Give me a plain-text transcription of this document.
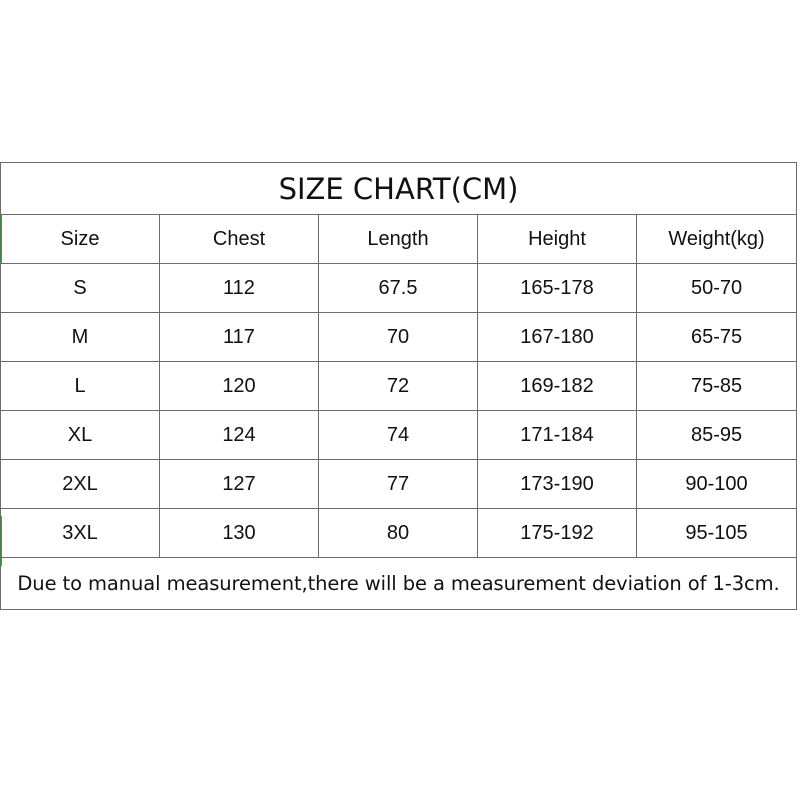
SIZE CHART(CM)				
Size	Chest	Length	Height	Weight(kg)
S	112	67.5	165-178	50-70
M	117	70	167-180	65-75
L	120	72	169-182	75-85
XL	124	74	171-184	85-95
2XL	127	77	173-190	90-100
3XL	130	80	175-192	95-105
Due to manual measurement,there will be a measurement deviation of 1-3cm.				
